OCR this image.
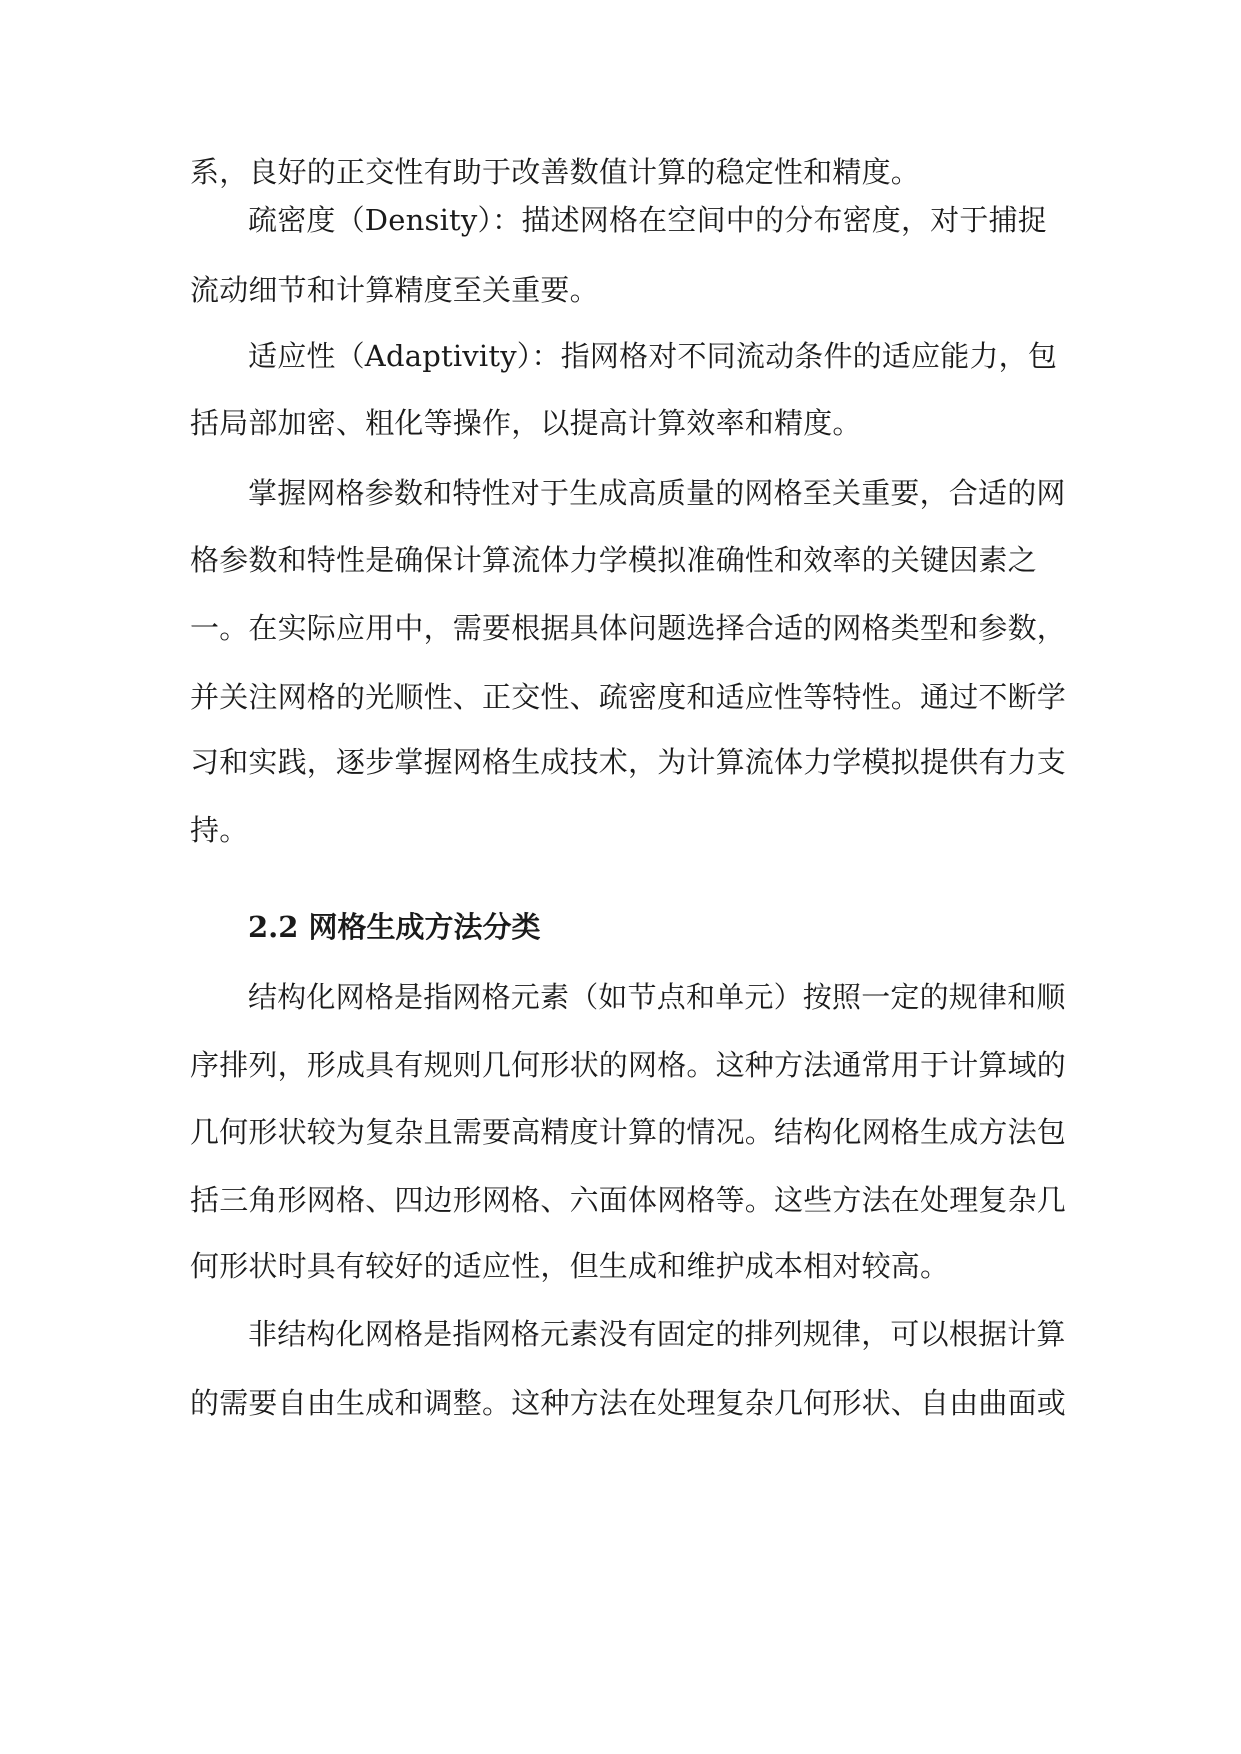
系，良好的正交性有助于改善数值计算的稳定性和精度。
疏密度（Density）：描述网格在空间中的分布密度，对于捕捉
流动细节和计算精度至关重要。
适应性（Adaptivity）：指网格对不同流动条件的适应能力，包
括局部加密、粗化等操作，以提高计算效率和精度。
掌握网格参数和特性对于生成高质量的网格至关重要，合适的网
格参数和特性是确保计算流体力学模拟准确性和效率的关键因素之
一。在实际应用中，需要根据具体问题选择合适的网格类型和参数，
并关注网格的光顺性、正交性、疏密度和适应性等特性。通过不断学
习和实践，逐步掌握网格生成技术，为计算流体力学模拟提供有力支
持。
2.2 网格生成方法分类
结构化网格是指网格元素（如节点和单元）按照一定的规律和顺
序排列，形成具有规则几何形状的网格。这种方法通常用于计算域的
几何形状较为复杂且需要高精度计算的情况。结构化网格生成方法包
括三角形网格、四边形网格、六面体网格等。这些方法在处理复杂几
何形状时具有较好的适应性，但生成和维护成本相对较高。
非结构化网格是指网格元素没有固定的排列规律，可以根据计算
的需要自由生成和调整。这种方法在处理复杂几何形状、自由曲面或
